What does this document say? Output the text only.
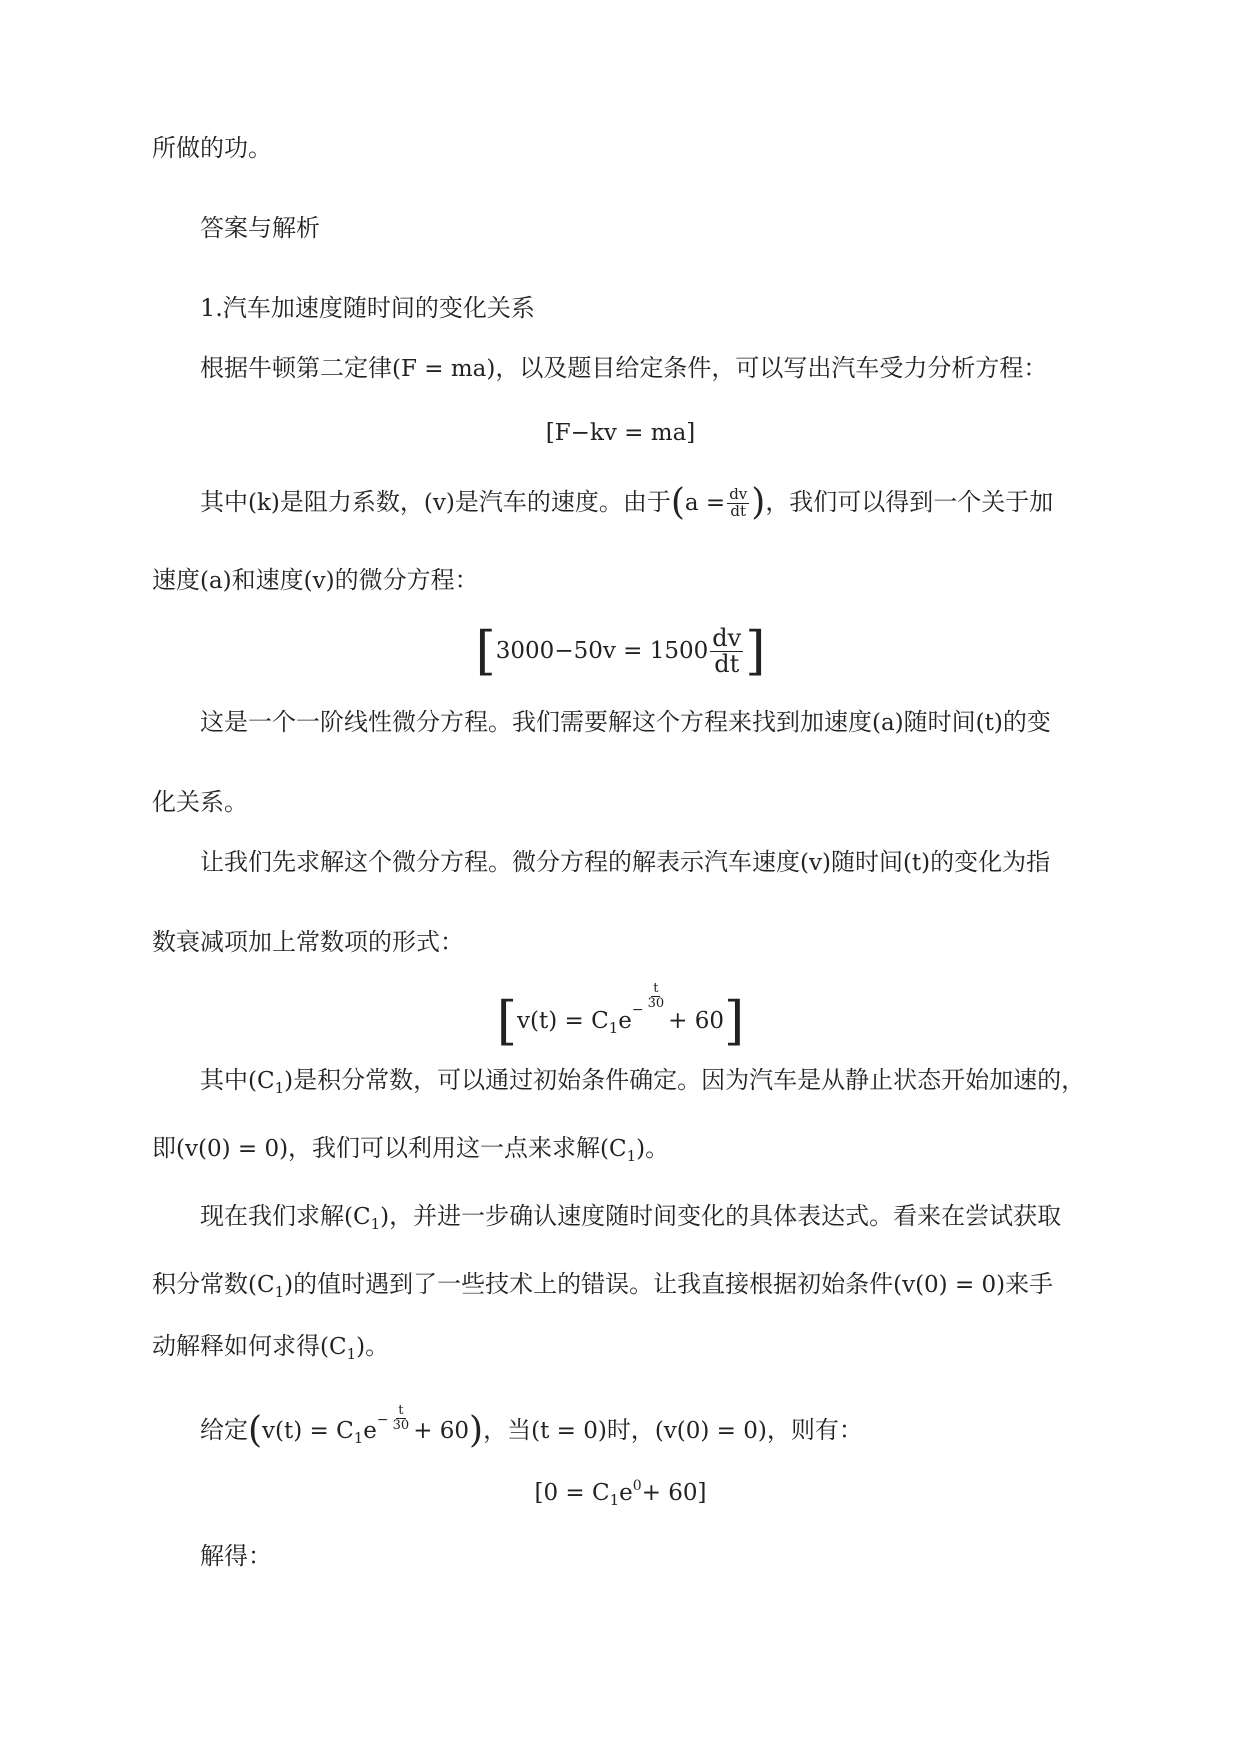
所做的功。
答案与解析
1.汽车加速度随时间的变化关系
根据牛顿第二定律(F = ma)，以及题目给定条件，可以写出汽车受力分析方程：
[F−kv = ma]
其中(k)是阻力系数，(v)是汽车的速度。由于($a = \frac{dv}{dt}$ )，我们可以得到一个关于加
速度(a)和速度(v)的微分方程：
[$3000-50v = 1500 \frac{dv}{dt}$ ]
这是一个一阶线性微分方程。我们需要解这个方程来找到加速度(a)随时间(t)的变
化关系。
让我们先求解这个微分方程。微分方程的解表示汽车速度(v)随时间(t)的变化为指
数衰减项加上常数项的形式：
[$v(t) = C_1e - \frac{t}{30}$
+ 60]
其中$(C_1)$是积分常数，可以通过初始条件确定。因为汽车是从静止状态开始加速的，
即(v(0) = 0)，我们可以利用这一点来求解$(C_1)$。
现在我们求解$(C_1)$，并进一步确认速度随时间变化的具体表达式。看来在尝试获取
积分常数$(C_1)$的值时遇到了一些技术上的错误。让我直接根据初始条件(v(0) = 0)来手
动解释如何求得$(C_1)$。
给定$(v(t) = C_1e - \frac{t}{30} + 60)$，当(t = 0)时，(v(0) = 0)，则有：
$[0 = C_1e^0+ 60]$
解得：
